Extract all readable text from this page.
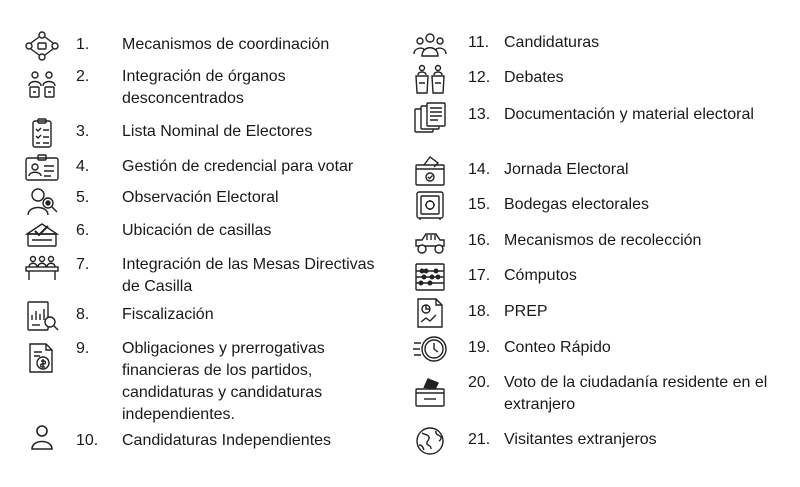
1. Mecanismos de coordinación
2. Integración de órganos desconcentrados
3. Lista Nominal de Electores
4. Gestión de credencial para votar
5. Observación Electoral
6. Ubicación de casillas
7. Integración de las Mesas Directivas de Casilla
8. Fiscalización
9. Obligaciones y prerrogativas financieras de los partidos, candidaturas y candidaturas independientes.
10. Candidaturas Independientes
11. Candidaturas
12. Debates
13. Documentación y material electoral
14. Jornada Electoral
15. Bodegas electorales
16. Mecanismos de recolección
17. Cómputos
18. PREP
19. Conteo Rápido
20. Voto de la ciudadanía residente en el extranjero
21. Visitantes extranjeros
